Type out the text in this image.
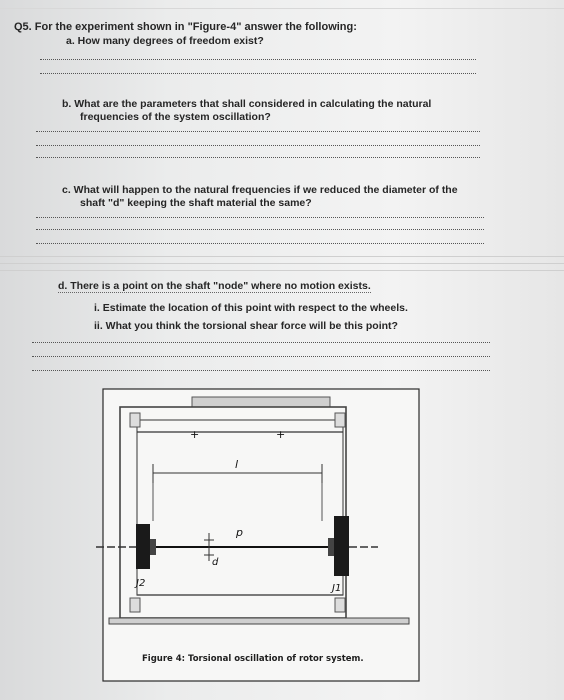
Q5. For the experiment shown in "Figure-4" answer the following:
a. How many degrees of freedom exist?
b. What are the parameters that shall considered in calculating the natural
frequencies of the system oscillation?
c. What will happen to the natural frequencies if we reduced the diameter of the
shaft "d" keeping the shaft material the same?
d. There is a point on the shaft "node" where no motion exists.
i. Estimate the location of this point with respect to the wheels.
ii. What you think the torsional shear force will be this point?
+	+
l
p
d
J2	J1
Figure 4: Torsional oscillation of rotor system.
